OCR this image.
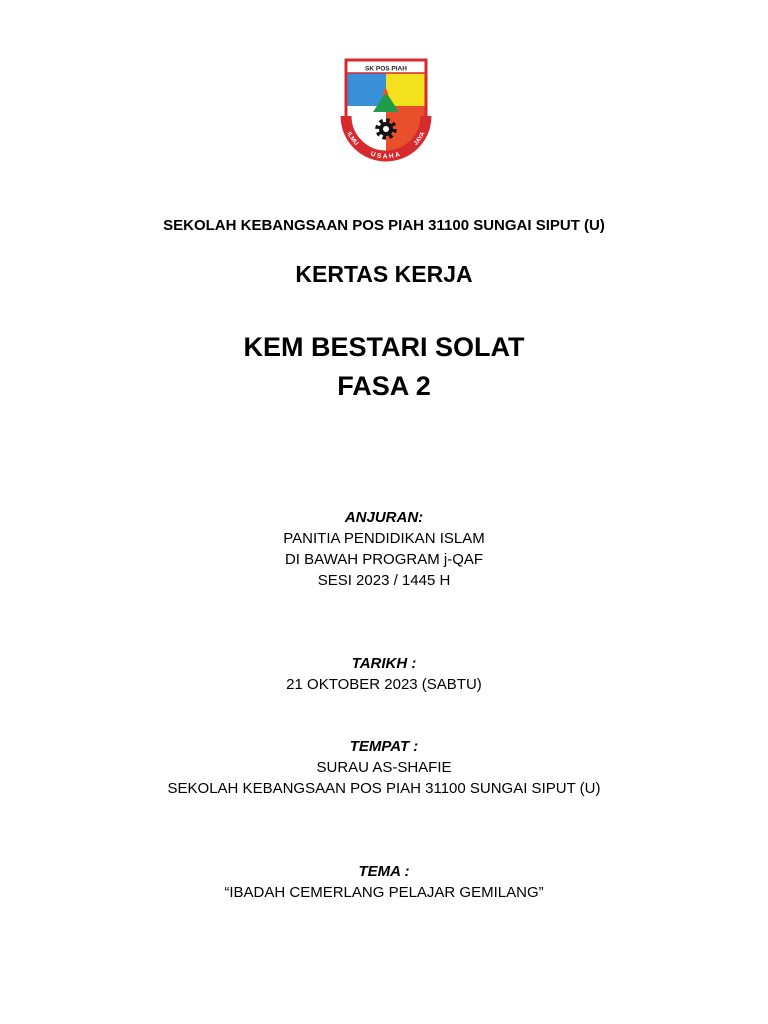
SK POS PIAH
ILMU
USAHA
JAYA
SEKOLAH KEBANGSAAN POS PIAH 31100 SUNGAI SIPUT (U)
KERTAS KERJA
KEM BESTARI SOLAT
FASA 2
ANJURAN:
PANITIA PENDIDIKAN ISLAM
DI BAWAH PROGRAM j-QAF
SESI 2023 / 1445 H
TARIKH :
21 OKTOBER 2023 (SABTU)
TEMPAT :
SURAU AS-SHAFIE
SEKOLAH KEBANGSAAN POS PIAH 31100 SUNGAI SIPUT (U)
TEMA :
“IBADAH CEMERLANG PELAJAR GEMILANG”
